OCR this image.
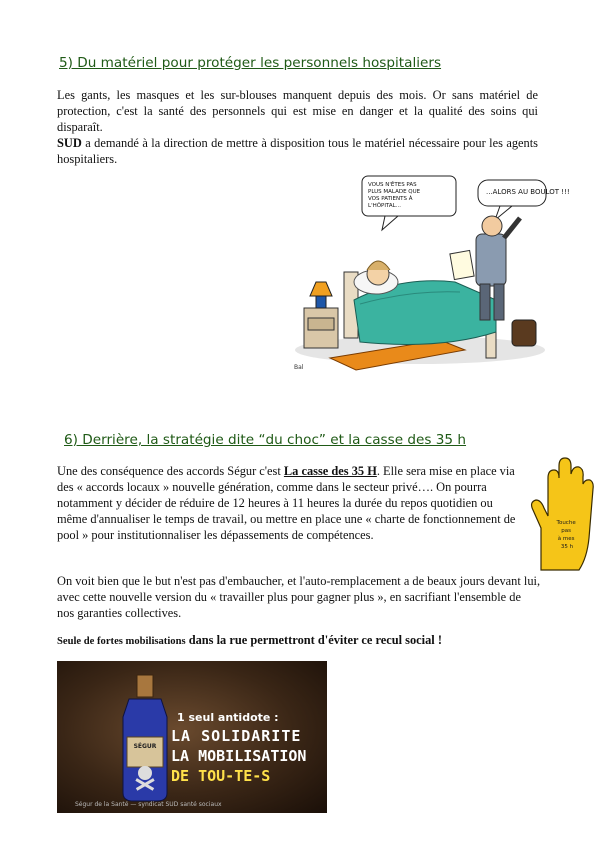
5) Du matériel pour protéger les personnels hospitaliers
Les gants, les masques et les sur-blouses manquent depuis des mois. Or sans matériel de protection, c'est la santé des personnels qui est mise en danger et la qualité des soins qui disparaît.
SUD a demandé à la direction de mettre à disposition tous le matériel nécessaire pour les agents hospitaliers.
...ALORS AU BOULOT !!!
VOUS N'ÊTES PAS PLUS MALADE QUE VOS PATIENTS À L'HÔPITAL...
Bal
6) Derrière, la stratégie dite “du choc” et la casse des 35 h
Une des conséquence des accords Ségur c'est La casse des 35 H. Elle sera mise en place via des « accords locaux » nouvelle génération, comme dans le secteur privé…. On pourra notamment y décider de réduire de 12 heures à 11 heures la durée du repos quotidien ou même d'annualiser le temps de travail, ou mettre en place une « charte de fonctionnement de pool » pour institutionnaliser les dépassements de compétences.
Touche pas à mes 35 h
On voit bien que le but n'est pas d'embaucher, et l'auto-remplacement a de beaux jours devant lui, avec cette nouvelle version du « travailler plus pour gagner plus », en sacrifiant l'ensemble de nos garanties collectives.
Seule de fortes mobilisations dans la rue permettront d'éviter ce recul social !
SÉGUR
1 seul antidote :
LA SOLIDARITE
LA MOBILISATION
DE TOU-TE-S
Ségur de la Santé — syndicat SUD santé sociaux
